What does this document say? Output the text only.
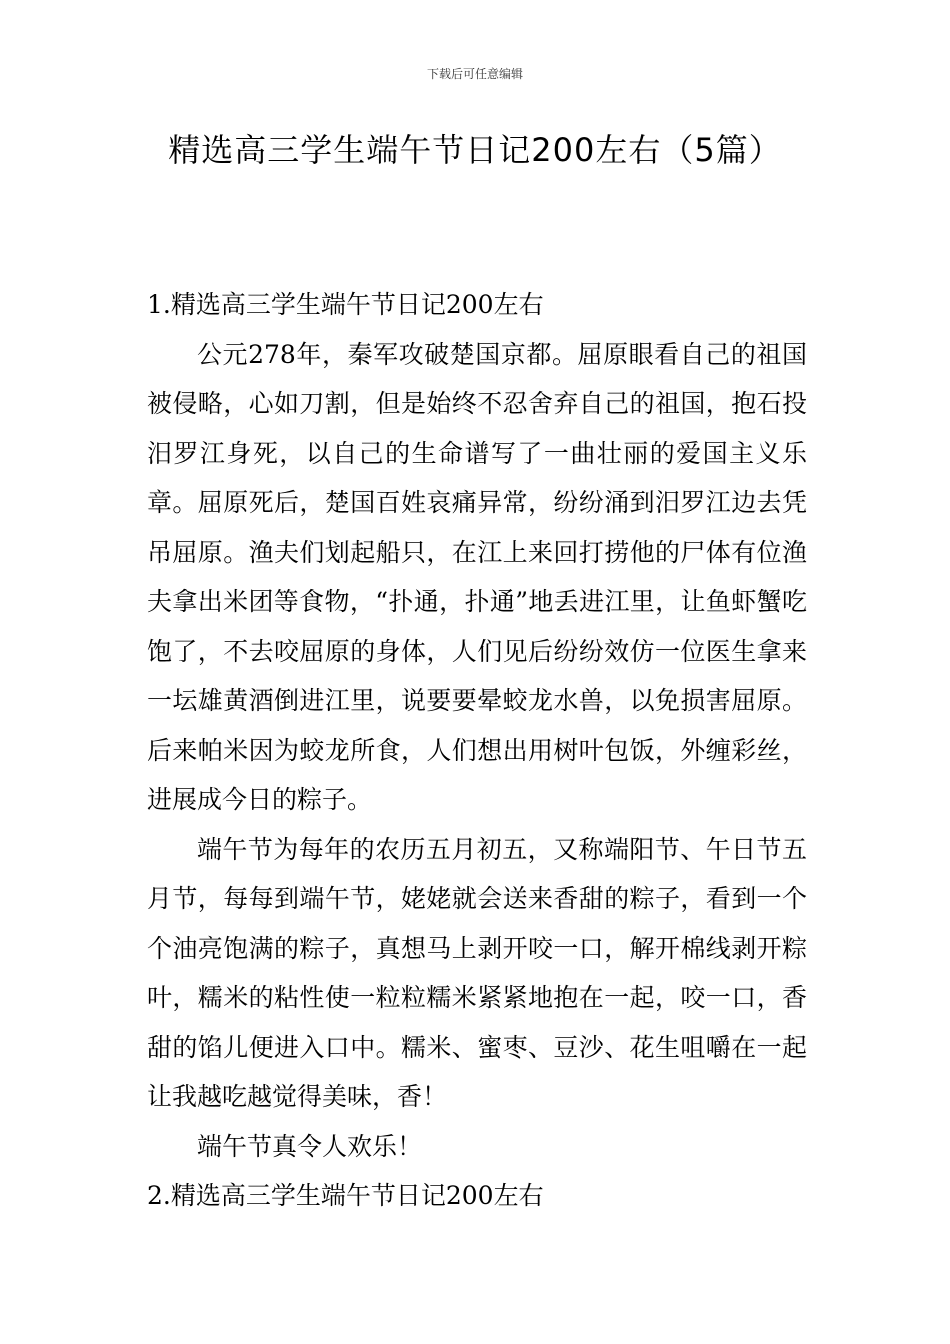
下载后可任意编辑
精选高三学生端午节日记200左右（5篇）
1.精选高三学生端午节日记200左右

公元278年，秦军攻破楚国京都。屈原眼看自己的祖国被侵略，心如刀割，但是始终不忍舍弃自己的祖国，抱石投汨罗江身死，以自己的生命谱写了一曲壮丽的爱国主义乐章。屈原死后，楚国百姓哀痛异常，纷纷涌到汨罗江边去凭吊屈原。渔夫们划起船只，在江上来回打捞他的尸体有位渔夫拿出米团等食物，“扑通，扑通”地丢进江里，让鱼虾蟹吃饱了，不去咬屈原的身体，人们见后纷纷效仿一位医生拿来一坛雄黄酒倒进江里，说要要晕蛟龙水兽，以免损害屈原。后来帕米因为蛟龙所食，人们想出用树叶包饭，外缠彩丝，进展成今日的粽子。

端午节为每年的农历五月初五，又称端阳节、午日节五月节，每每到端午节，姥姥就会送来香甜的粽子，看到一个个油亮饱满的粽子，真想马上剥开咬一口，解开棉线剥开粽叶，糯米的粘性使一粒粒糯米紧紧地抱在一起，咬一口，香甜的馅儿便进入口中。糯米、蜜枣、豆沙、花生咀嚼在一起让我越吃越觉得美味，香！

端午节真令人欢乐！

2.精选高三学生端午节日记200左右
